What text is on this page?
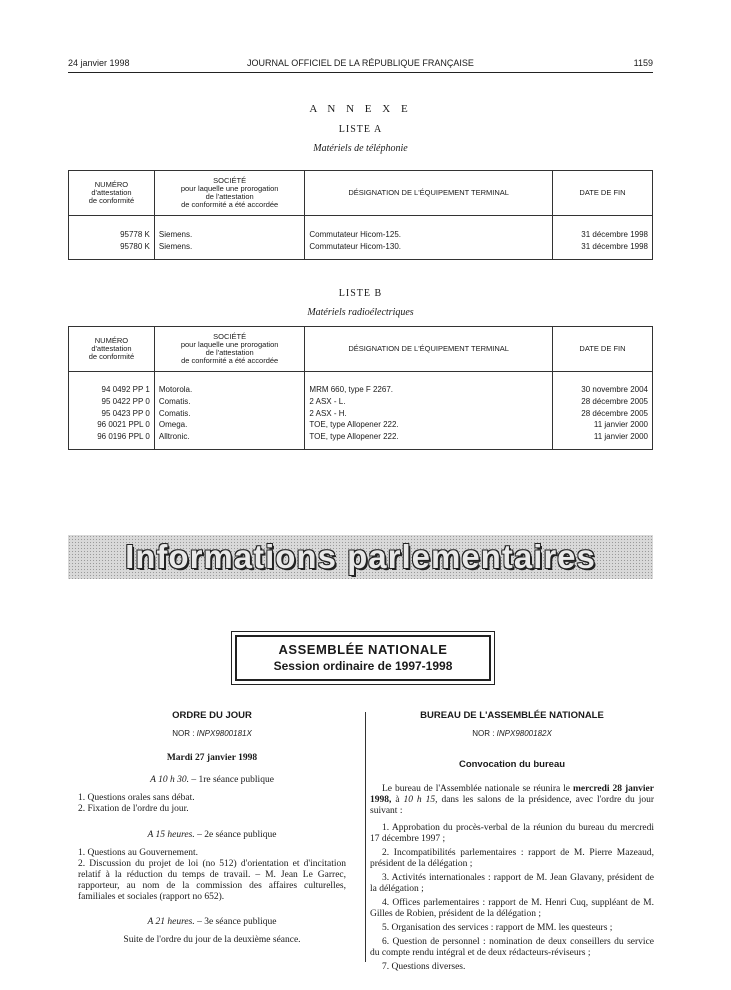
24 janvier 1998	JOURNAL OFFICIEL DE LA RÉPUBLIQUE FRANÇAISE	1159
A N N E X E
LISTE A
Matériels de téléphonie
NUMÉRO
d'attestation
de conformité	SOCIÉTÉ
pour laquelle une prorogation
de l'attestation
de conformité a été accordée	DÉSIGNATION DE L'ÉQUIPEMENT TERMINAL	DATE DE FIN

95778 K	Siemens.	Commutateur Hicom-125.	31 décembre 1998
95780 K	Siemens.	Commutateur Hicom-130.	31 décembre 1998

LISTE B
Matériels radioélectriques
NUMÉRO
d'attestation
de conformité	SOCIÉTÉ
pour laquelle une prorogation
de l'attestation
de conformité a été accordée	DÉSIGNATION DE L'ÉQUIPEMENT TERMINAL	DATE DE FIN

94 0492 PP 1	Motorola.	MRM 660, type F 2267.	30 novembre 2004
95 0422 PP 0	Comatis.	2 ASX - L.	28 décembre 2005
95 0423 PP 0	Comatis.	2 ASX - H.	28 décembre 2005
96 0021 PPL 0	Omega.	TOE, type Allopener 222.	11 janvier 2000
96 0196 PPL 0	Alltronic.	TOE, type Allopener 222.	11 janvier 2000

Informations parlementaires
ASSEMBLÉE NATIONALE
Session ordinaire de 1997-1998
ORDRE DU JOUR
NOR : INPX9800181X
Mardi 27 janvier 1998
A 10 h 30. – 1re séance publique

1. Questions orales sans débat.

2. Fixation de l'ordre du jour.

A 15 heures. – 2e séance publique

1. Questions au Gouvernement.

2. Discussion du projet de loi (no 512) d'orientation et d'incitation relatif à la réduction du temps de travail. – M. Jean Le Garrec, rapporteur, au nom de la commission des affaires culturelles, familiales et sociales (rapport no 652).

A 21 heures. – 3e séance publique
Suite de l'ordre du jour de la deuxième séance.
BUREAU DE L'ASSEMBLÉE NATIONALE
NOR : INPX9800182X
Convocation du bureau

Le bureau de l'Assemblée nationale se réunira le mercredi 28 janvier 1998, à 10 h 15, dans les salons de la présidence, avec l'ordre du jour suivant :

1. Approbation du procès-verbal de la réunion du bureau du mercredi 17 décembre 1997 ;

2. Incompatibilités parlementaires : rapport de M. Pierre Mazeaud, président de la délégation ;

3. Activités internationales : rapport de M. Jean Glavany, président de la délégation ;

4. Offices parlementaires : rapport de M. Henri Cuq, suppléant de M. Gilles de Robien, président de la délégation ;

5. Organisation des services : rapport de MM. les questeurs ;

6. Question de personnel : nomination de deux conseillers du service du compte rendu intégral et de deux rédacteurs-réviseurs ;

7. Questions diverses.
